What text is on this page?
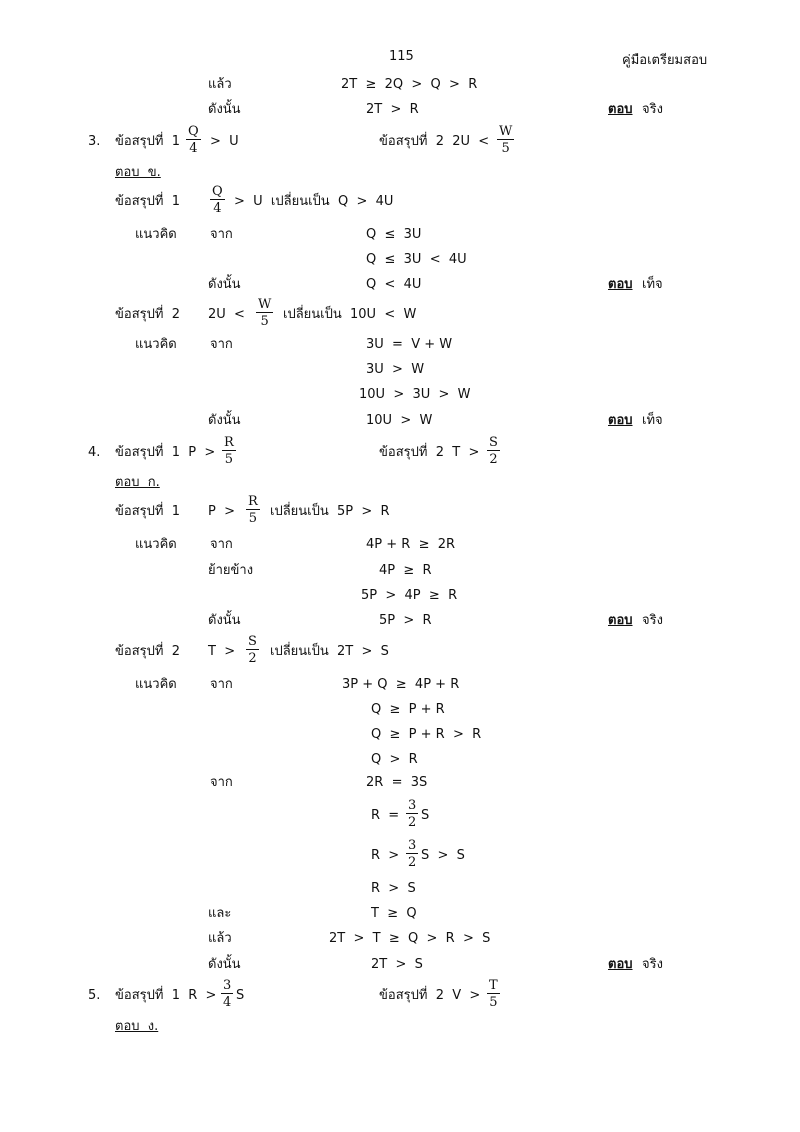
115	คู่มือเตรียมสอบ
แล้ว	2T  ≥  2Q  >  Q  >  R
ดังนั้น	2T  >  R	ตอบ จริง
3. ข้อสรุปที่  $1 \frac{Q}{4} > U$	ข้อสรุปที่  2  $2U < \frac{W}{5}$
ตอบ  ข.
ข้อสรุปที่  $1 \frac{Q}{4} > U$  เปลี่ยนเป็น  Q  >  4U
แนวคิด	จาก	Q  ≤  3U
Q  ≤  3U  <  4U
ดังนั้น	Q  <  4U	ตอบ เท็จ
ข้อสรุปที่  2 $2U < \frac{W}{5}$ เปลี่ยนเป็น  10U  <  W
แนวคิด	จาก	3U  =  V + W
3U  >  W
10U  >  3U  >  W
ดังนั้น	10U  >  W	ตอบ เท็จ
4. ข้อสรุปที่  1  $P > \frac{R}{5}$	ข้อสรุปที่  2  $T > \frac{S}{2}$
ตอบ  ก.
ข้อสรุปที่  1 $P > \frac{R}{5}$ เปลี่ยนเป็น  5P  >  R
แนวคิด	จาก	4P + R  ≥  2R
ย้ายข้าง	4P  ≥  R
5P  >  4P  ≥  R
ดังนั้น	5P  >  R	ตอบ จริง
ข้อสรุปที่  2 $T > \frac{S}{2}$ เปลี่ยนเป็น  2T  >  S
แนวคิด	จาก	3P + Q  ≥  4P + R
Q  ≥  P + R
Q  ≥  P + R  >  R
Q  >  R
จาก	2R  =  3S
$R = \frac{3}{2}$ S
$R > \frac{3}{2}$ S  >  S
R  >  S
และ	T  ≥  Q
แล้ว	2T  >  T  ≥  Q  >  R  >  S
ดังนั้น	2T  >  S	ตอบ จริง
5. ข้อสรุปที่  1  $R > \frac{3}{4}$ S	ข้อสรุปที่  2  $V > \frac{T}{5}$
ตอบ  ง.
